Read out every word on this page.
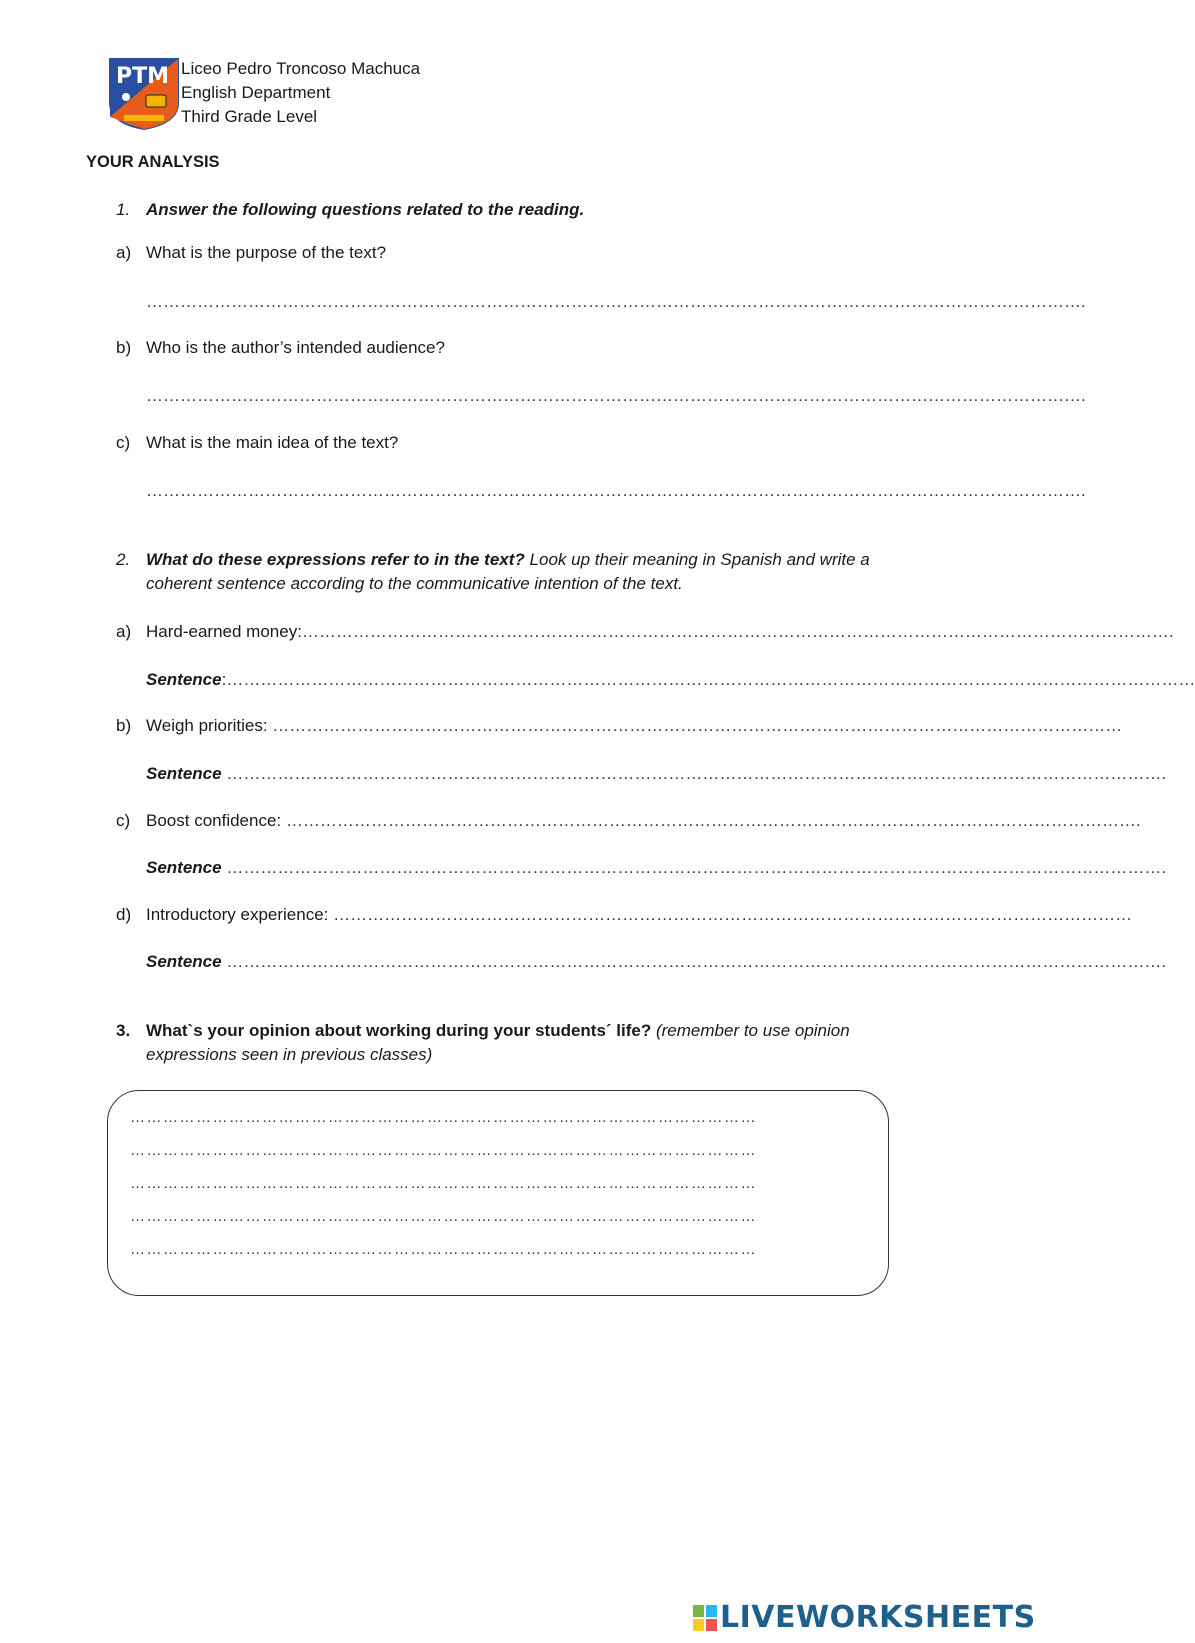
PTM Liceo Pedro Troncoso Machuca
English Department
Third Grade Level
YOUR ANALYSIS
1. Answer the following questions related to the reading.
a) What is the purpose of the text?
………………………………………………………………………………………………………………………………………………….
b) Who is the author’s intended audience?
………………………………………………………………………………………………………………………………………………….
c) What is the main idea of the text?
………………………………………………………………………………………………………………………………………………….
2. What do these expressions refer to in the text? Look up their meaning in Spanish and write a
coherent sentence according to the communicative intention of the text.
a) Hard-earned money: ……………………………………………………………………………………………………………………………………….
Sentence : ………………………………………………………………………………………………………………………………………………………
b) Weigh priorities: ……………………………………………………………………………………………………………………………………
Sentence ………………………………………………………………………………………………………………………………………………….
c) Boost confidence: …………………………………………………………………………………………………………………………………….
Sentence ………………………………………………………………………………………………………………………………………………….
d) Introductory experience: ……………………………………………………………………………………………………………………………
Sentence ………………………………………………………………………………………………………………………………………………….
3. What`s your opinion about working during your students´ life? (remember to use opinion
expressions seen in previous classes)
……………………………………………………………………………………………………
……………………………………………………………………………………………………
……………………………………………………………………………………………………
……………………………………………………………………………………………………
……………………………………………………………………………………………………
LIVEWORKSHEETS
